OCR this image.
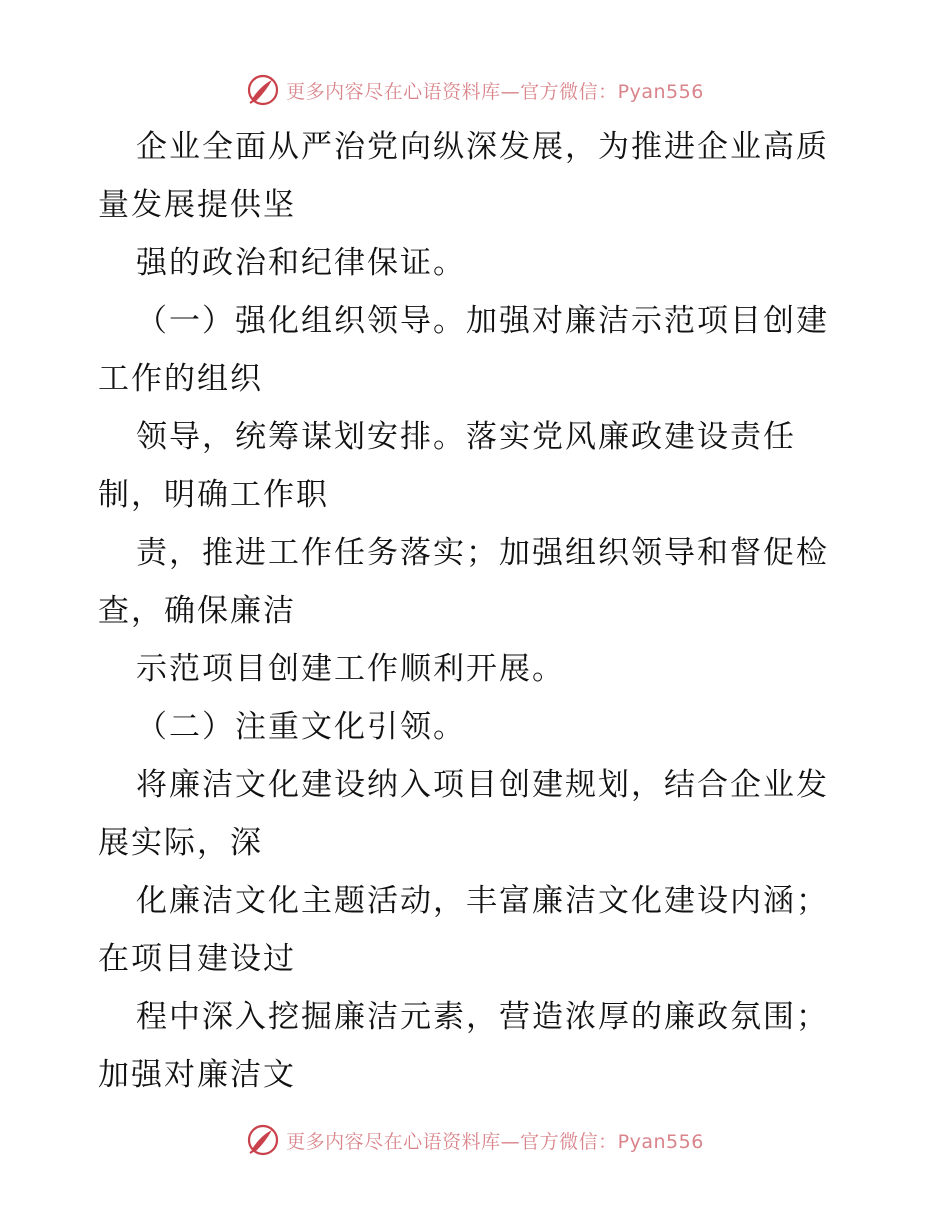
更多内容尽在心语资料库—官方微信：Pyan556
企业全面从严治党向纵深发展，为推进企业高质
量发展提供坚
强的政治和纪律保证。
（一）强化组织领导。加强对廉洁示范项目创建
工作的组织
领导，统筹谋划安排。落实党风廉政建设责任
制，明确工作职
责，推进工作任务落实；加强组织领导和督促检
查，确保廉洁
示范项目创建工作顺利开展。
（二）注重文化引领。
将廉洁文化建设纳入项目创建规划，结合企业发
展实际，深
化廉洁文化主题活动，丰富廉洁文化建设内涵；
在项目建设过
程中深入挖掘廉洁元素，营造浓厚的廉政氛围；
加强对廉洁文
更多内容尽在心语资料库—官方微信：Pyan556
